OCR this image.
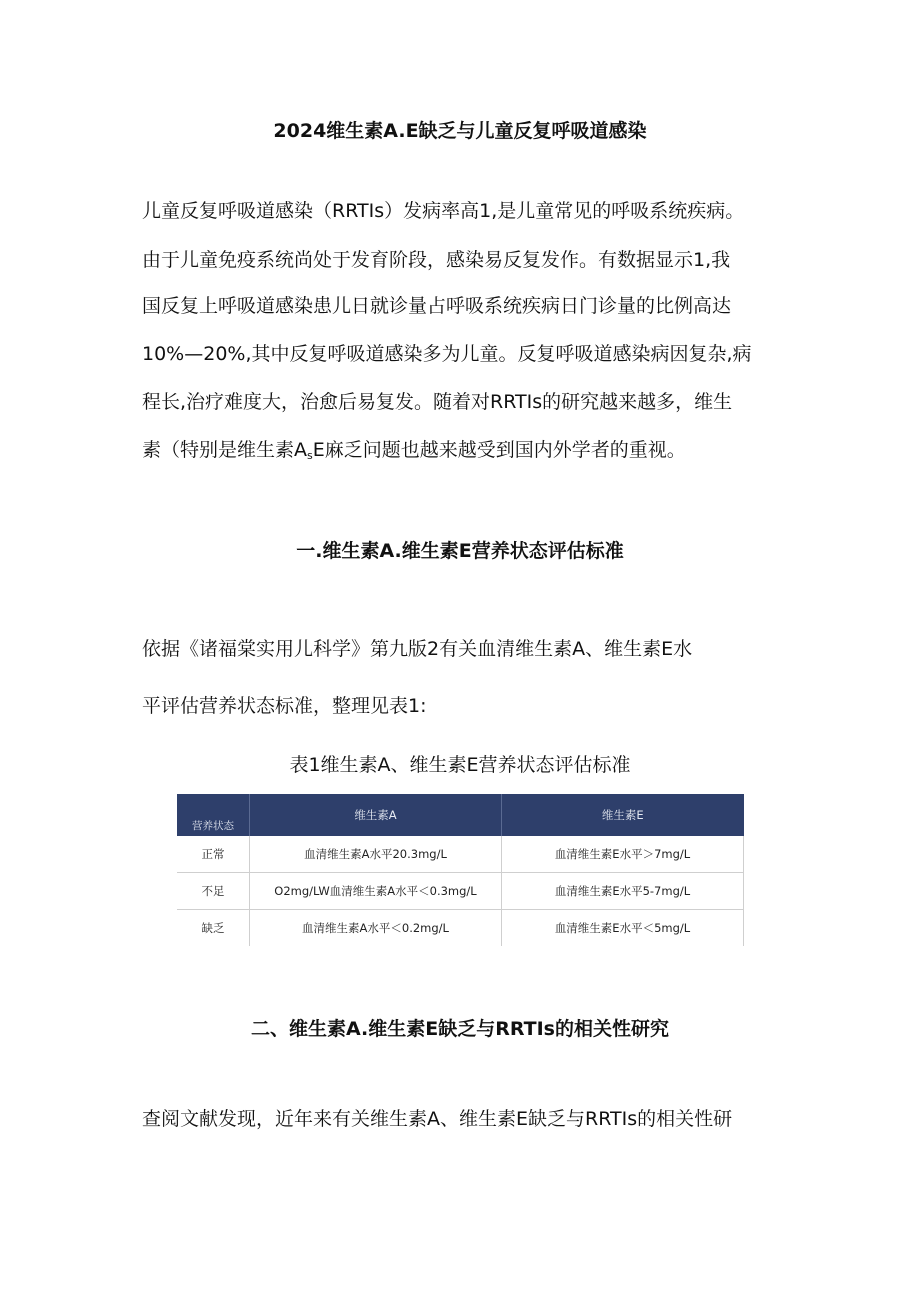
2024维生素A.E缺乏与儿童反复呼吸道感染
儿童反复呼吸道感染（RRTIs）发病率高1,是儿童常见的呼吸系统疾病。
由于儿童免疫系统尚处于发育阶段，感染易反复发作。有数据显示1,我
国反复上呼吸道感染患儿日就诊量占呼吸系统疾病日门诊量的比例高达
10%—20%,其中反复呼吸道感染多为儿童。反复呼吸道感染病因复杂,病
程长,治疗难度大，治愈后易复发。随着对RRTIs的研究越来越多，维生
素（特别是维生素$A_sE$麻乏问题也越来越受到国内外学者的重视。
一.维生素A.维生素E营养状态评估标准
依据《诸福棠实用儿科学》第九版2有关血清维生素A、维生素E水
平评估营养状态标准，整理见表1:
表1维生素A、维生素E营养状态评估标准
营养状态	维生素A	维生素E
正常	血清维生素A水平20.3mg∕L	血清维生素E水平＞7mg∕L
不足	O2mg∕LW血清维生素A水平＜0.3mg∕L	血清维生素E水平5-7mg∕L
缺乏	血清维生素A水平＜0.2mg∕L	血清维生素E水平＜5mg∕L
二、维生素A.维生素E缺乏与RRTIs的相关性研究
查阅文献发现，近年来有关维生素A、维生素E缺乏与RRTIs的相关性研
